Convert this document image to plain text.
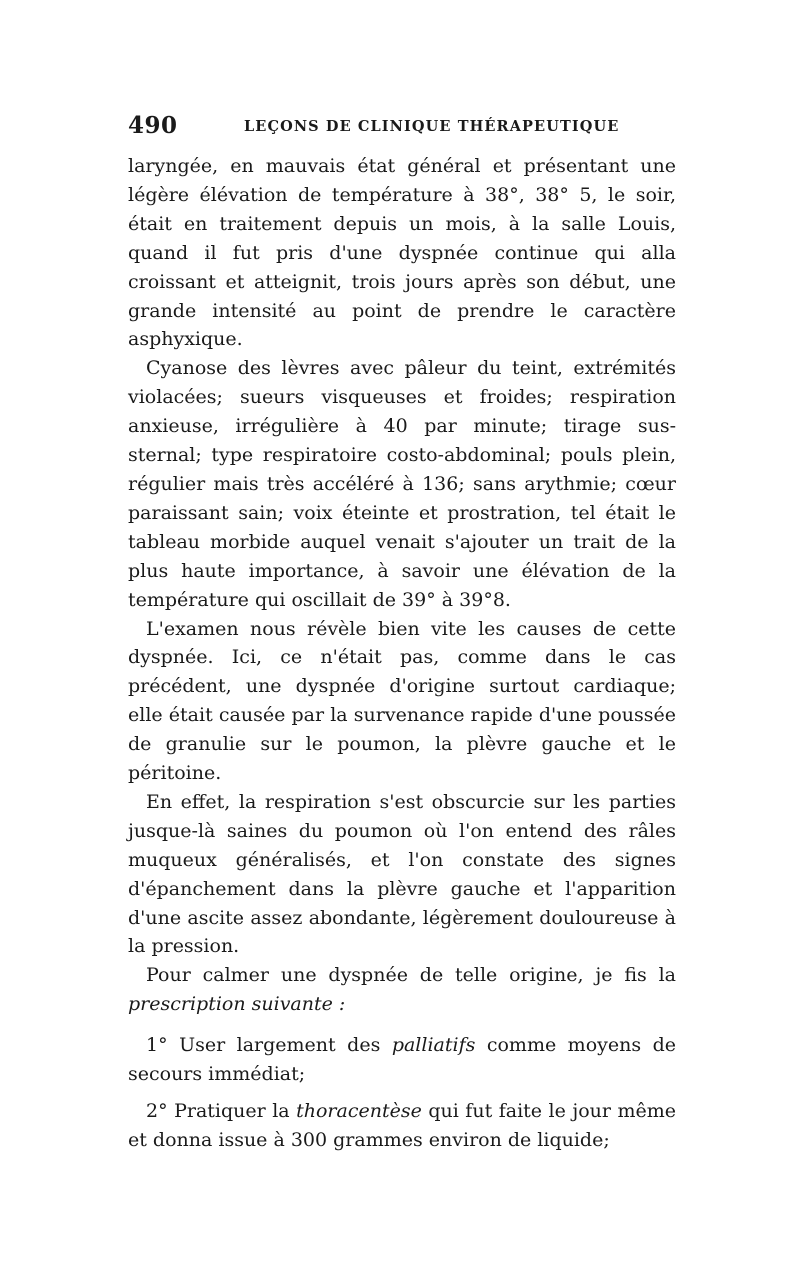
490	LEÇONS DE CLINIQUE THÉRAPEUTIQUE

laryngée, en mauvais état général et présentant une légère élévation de température à 38°, 38° 5, le soir, était en traitement depuis un mois, à la salle Louis, quand il fut pris d'une dyspnée continue qui alla croissant et atteignit, trois jours après son début, une grande intensité au point de prendre le caractère asphyxique.

Cyanose des lèvres avec pâleur du teint, extrémités violacées; sueurs visqueuses et froides; respiration anxieuse, irrégulière à 40 par minute; tirage sus-sternal; type respiratoire costo-abdominal; pouls plein, régulier mais très accéléré à 136; sans arythmie; cœur paraissant sain; voix éteinte et prostration, tel était le tableau morbide auquel venait s'ajouter un trait de la plus haute importance, à savoir une élévation de la température qui oscillait de 39° à 39°8.

L'examen nous révèle bien vite les causes de cette dyspnée. Ici, ce n'était pas, comme dans le cas précédent, une dyspnée d'origine surtout cardiaque; elle était causée par la survenance rapide d'une poussée de granulie sur le poumon, la plèvre gauche et le péritoine.

En effet, la respiration s'est obscurcie sur les parties jusque-là saines du poumon où l'on entend des râles muqueux généralisés, et l'on constate des signes d'épanchement dans la plèvre gauche et l'apparition d'une ascite assez abondante, légèrement douloureuse à la pression.

Pour calmer une dyspnée de telle origine, je fis la prescription suivante :

1° User largement des palliatifs comme moyens de secours immédiat;

2° Pratiquer la thoracentèse qui fut faite le jour même et donna issue à 300 grammes environ de liquide;
